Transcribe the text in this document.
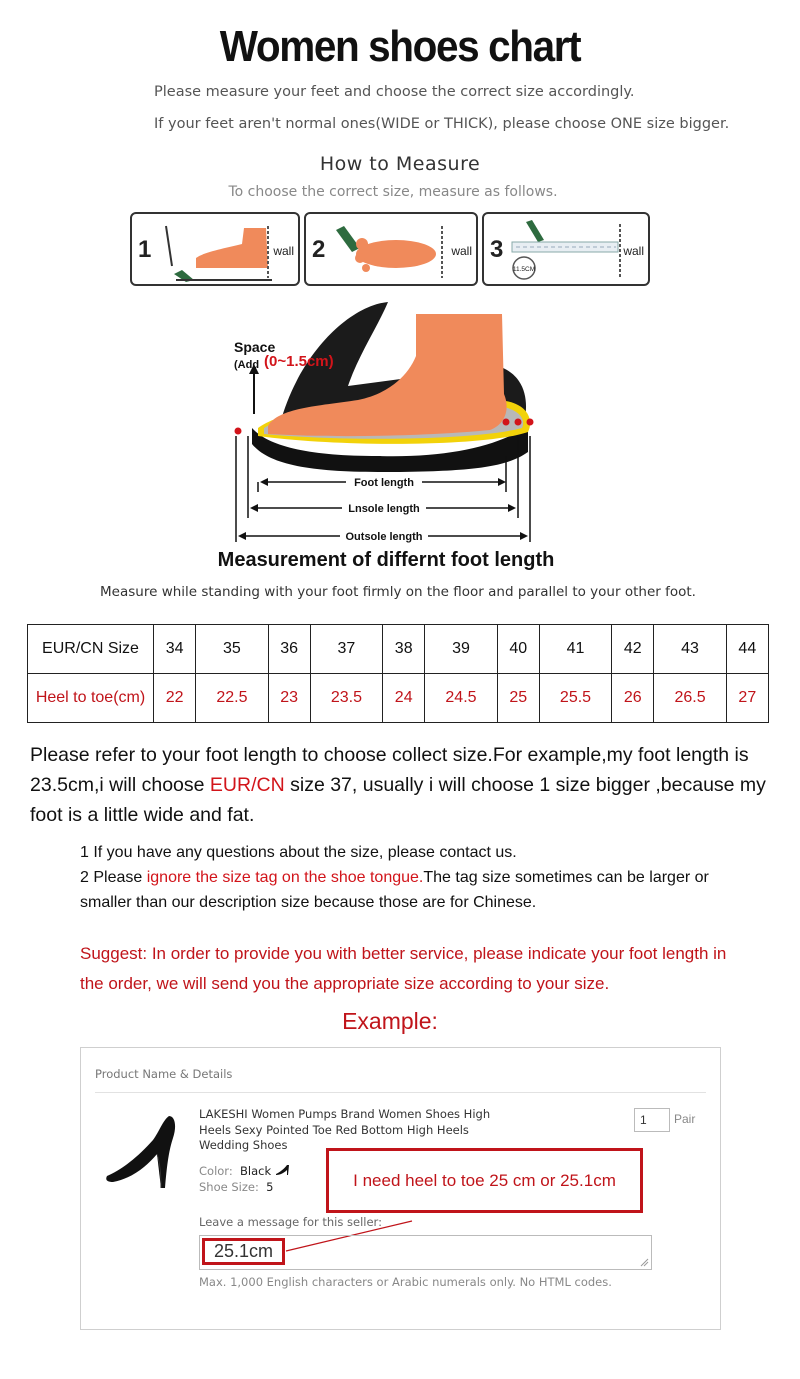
Women shoes chart
Please measure your feet and choose the correct size accordingly.
If your feet aren't normal ones(WIDE or THICK), please choose ONE size bigger.
How to Measure
To choose the correct size, measure as follows.
1	wall 2	wall 3
11.5CM
wall
Space
(Add (0~1.5cm)
Foot length
Lnsole length
Outsole length
Measurement of differnt foot length
Measure while standing with your foot firmly on the floor and parallel to your other foot.
EUR/CN Size	34	35	36	37	38	39	40	41	42	43	44
Heel to toe(cm)	22	22.5	23	23.5	24	24.5	25	25.5	26	26.5	27
Please refer to your foot length to choose collect size.For example,my foot length is 23.5cm,i will choose EUR/CN size 37, usually i will choose 1 size bigger ,because my foot is a little wide and fat.
1 If you have any questions about the size, please contact us.
2 Please ignore the size tag on the shoe tongue.The tag size sometimes can be larger or smaller than our description size because those are for Chinese.
Suggest: In order to provide you with better service, please indicate your foot length in the order, we will send you the appropriate size according to your size.
Example:
Product Name & Details
LAKESHI Women Pumps Brand Women Shoes High Heels Sexy Pointed Toe Red Bottom High Heels Wedding Shoes
1	Pair
Color: Black
Shoe Size: 5	I need heel to toe 25 cm or 25.1cm
Leave a message for this seller:
25.1cm
Max. 1,000 English characters or Arabic numerals only. No HTML codes.
